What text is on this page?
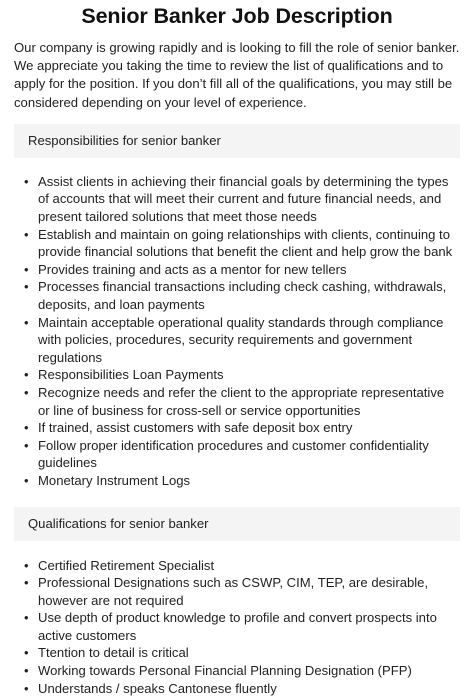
Senior Banker Job Description

Our company is growing rapidly and is looking to fill the role of senior banker. We appreciate you taking the time to review the list of qualifications and to apply for the position. If you don’t fill all of the qualifications, you may still be considered depending on your level of experience.

Responsibilities for senior banker
• Assist clients in achieving their financial goals by determining the types of accounts that will meet their current and future financial needs, and present tailored solutions that meet those needs
• Establish and maintain on going relationships with clients, continuing to provide financial solutions that benefit the client and help grow the bank
• Provides training and acts as a mentor for new tellers
• Processes financial transactions including check cashing, withdrawals, deposits, and loan payments
• Maintain acceptable operational quality standards through compliance with policies, procedures, security requirements and government regulations
• Responsibilities Loan Payments
• Recognize needs and refer the client to the appropriate representative or line of business for cross-sell or service opportunities
• If trained, assist customers with safe deposit box entry
• Follow proper identification procedures and customer confidentiality guidelines
• Monetary Instrument Logs
Qualifications for senior banker
• Certified Retirement Specialist
• Professional Designations such as CSWP, CIM, TEP, are desirable, however are not required
• Use depth of product knowledge to profile and convert prospects into active customers
• Ttention to detail is critical
• Working towards Personal Financial Planning Designation (PFP)
• Understands / speaks Cantonese fluently
